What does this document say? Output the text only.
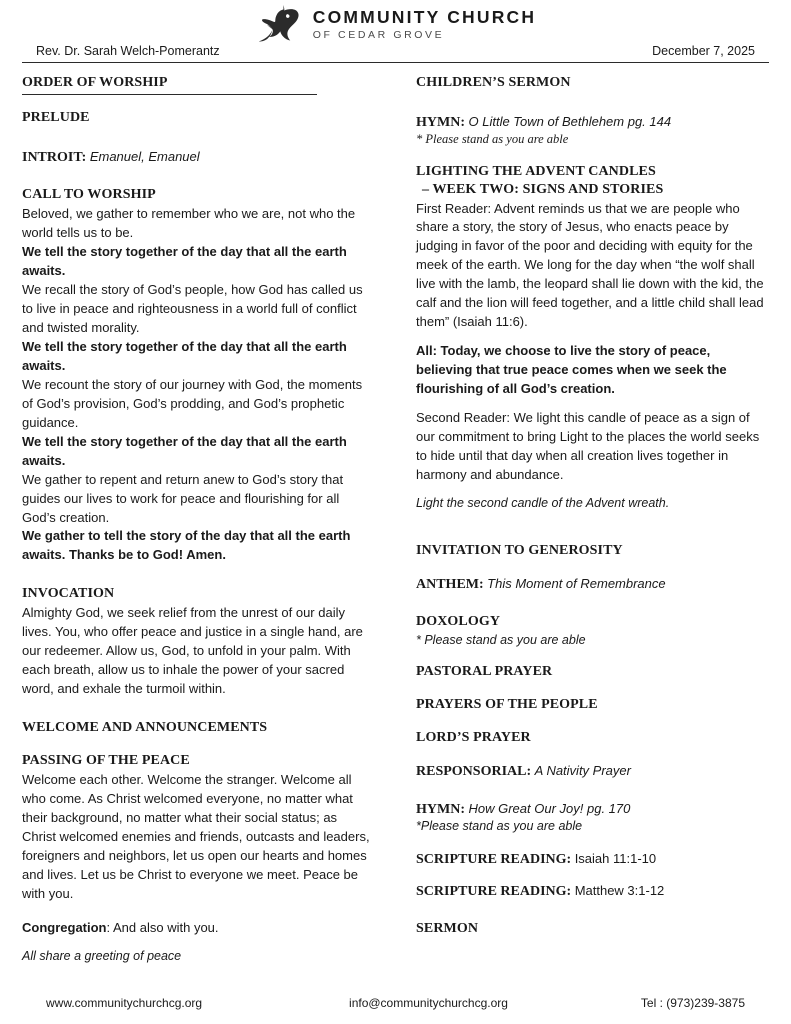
COMMUNITY CHURCH
OF CEDAR GROVE
Rev. Dr. Sarah Welch-Pomerantz	December 7, 2025
ORDER OF WORSHIP
PRELUDE
INTROIT: Emanuel, Emanuel
CALL TO WORSHIP

Beloved, we gather to remember who we are, not who the world tells us to be.

We tell the story together of the day that all the earth awaits.

We recall the story of God’s people, how God has called us to live in peace and righteousness in a world full of conflict and twisted morality.

We tell the story together of the day that all the earth awaits.

We recount the story of our journey with God, the moments of God’s provision, God’s prodding, and God’s prophetic guidance.

We tell the story together of the day that all the earth awaits.

We gather to repent and return anew to God’s story that guides our lives to work for peace and flourishing for all God’s creation.

We gather to tell the story of the day that all the earth awaits. Thanks be to God! Amen.

INVOCATION

Almighty God, we seek relief from the unrest of our daily lives. You, who offer peace and justice in a single hand, are our redeemer. Allow us, God, to unfold in your palm. With each breath, allow us to inhale the power of your sacred word, and exhale the turmoil within.

WELCOME AND ANNOUNCEMENTS
PASSING OF THE PEACE

Welcome each other. Welcome the stranger. Welcome all who come. As Christ welcomed everyone, no matter what their background, no matter what their social status; as Christ welcomed enemies and friends, outcasts and leaders, foreigners and neighbors, let us open our hearts and homes and lives. Let us be Christ to everyone we meet. Peace be with you.

Congregation: And also with you.

All share a greeting of peace

CHILDREN’S SERMON
HYMN: O Little Town of Bethlehem pg. 144

* Please stand as you are able

LIGHTING THE ADVENT CANDLES
– WEEK TWO: SIGNS AND STORIES

First Reader: Advent reminds us that we are people who share a story, the story of Jesus, who enacts peace by judging in favor of the poor and deciding with equity for the meek of the earth. We long for the day when “the wolf shall live with the lamb, the leopard shall lie down with the kid, the calf and the lion will feed together, and a little child shall lead them” (Isaiah 11:6).

All: Today, we choose to live the story of peace, believing that true peace comes when we seek the flourishing of all God’s creation.

Second Reader: We light this candle of peace as a sign of our commitment to bring Light to the places the world seeks to hide until that day when all creation lives together in harmony and abundance.

Light the second candle of the Advent wreath.

INVITATION TO GENEROSITY
ANTHEM: This Moment of Remembrance
DOXOLOGY

* Please stand as you are able

PASTORAL PRAYER
PRAYERS OF THE PEOPLE
LORD’S PRAYER
RESPONSORIAL: A Nativity Prayer
HYMN: How Great Our Joy! pg. 170

*Please stand as you are able

SCRIPTURE READING: Isaiah 11:1-10
SCRIPTURE READING: Matthew 3:1-12
SERMON
www.communitychurchcg.org	info@communitychurchcg.org	Tel : (973)239-3875
